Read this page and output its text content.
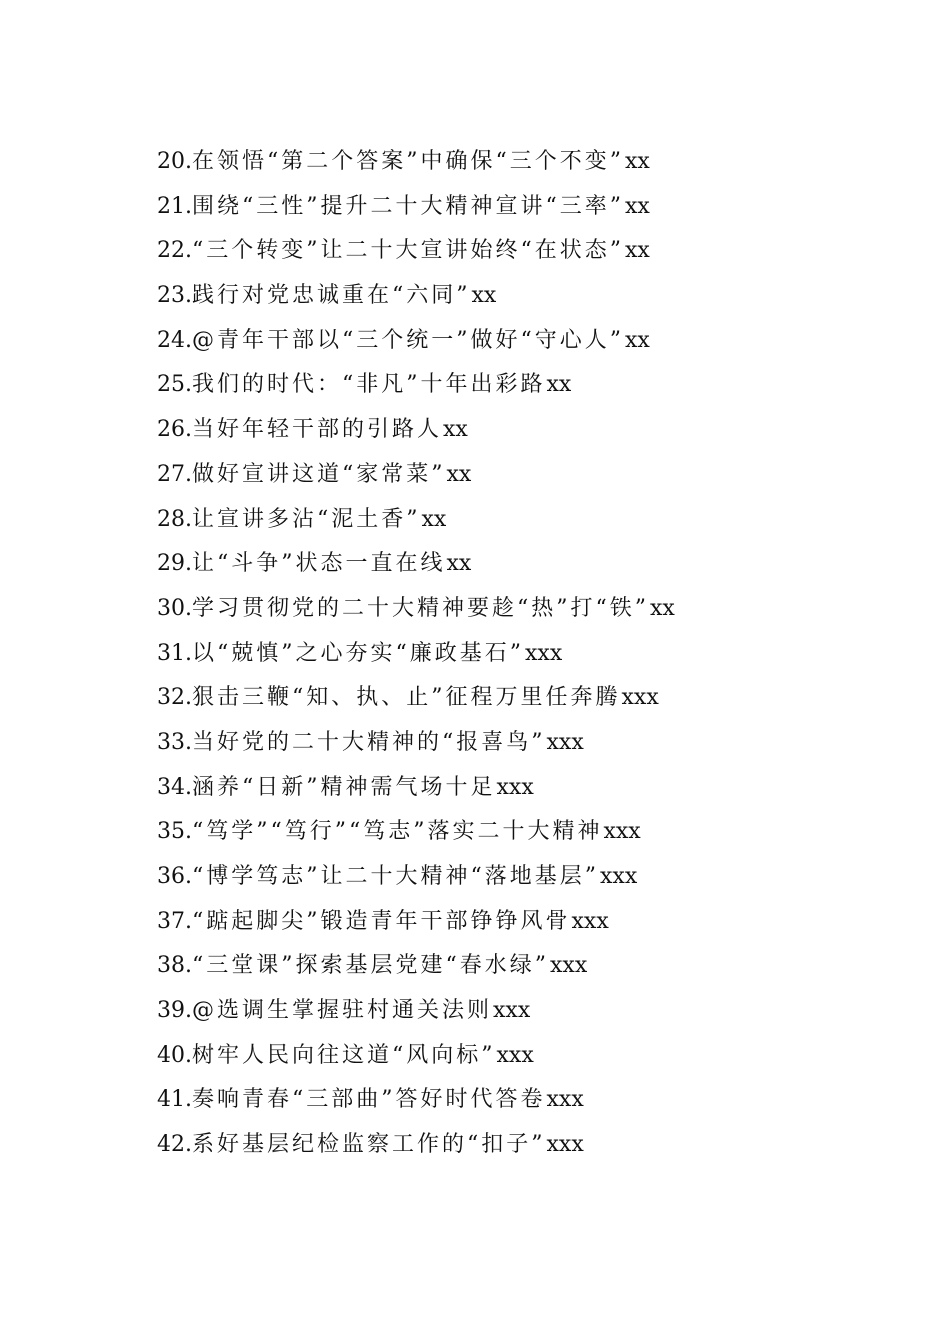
20.在领悟“第二个答案”中确保“三个不变”xx
21.围绕“三性”提升二十大精神宣讲“三率”xx
22.“三个转变”让二十大宣讲始终“在状态”xx
23.践行对党忠诚重在“六同”xx
24.@青年干部以“三个统一”做好“守心人”xx
25.我们的时代：“非凡”十年出彩路xx
26.当好年轻干部的引路人xx
27.做好宣讲这道“家常菜”xx
28.让宣讲多沾“泥土香”xx
29.让“斗争”状态一直在线xx
30.学习贯彻党的二十大精神要趁“热”打“铁”xx
31.以“兢慎”之心夯实“廉政基石”xxx
32.狠击三鞭“知、执、止”征程万里任奔腾xxx
33.当好党的二十大精神的“报喜鸟”xxx
34.涵养“日新”精神需气场十足xxx
35.“笃学”“笃行”“笃志”落实二十大精神xxx
36.“博学笃志”让二十大精神“落地基层”xxx
37.“踮起脚尖”锻造青年干部铮铮风骨xxx
38.“三堂课”探索基层党建“春水绿”xxx
39.@选调生掌握驻村通关法则xxx
40.树牢人民向往这道“风向标”xxx
41.奏响青春“三部曲”答好时代答卷xxx
42.系好基层纪检监察工作的“扣子”xxx
